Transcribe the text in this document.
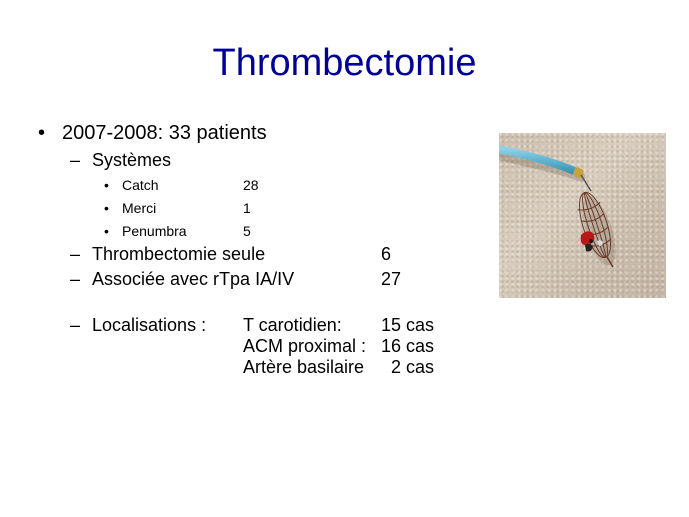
Thrombectomie
• 2007-2008: 33 patients
– Systèmes
• Catch	28
• Merci	1
• Penumbra	5
– Thrombectomie seule	6
– Associée avec rTpa IA/IV	27
– Localisations : T carotidien: 15 cas
ACM proximal : 16 cas
Artère basilaire 2 cas
